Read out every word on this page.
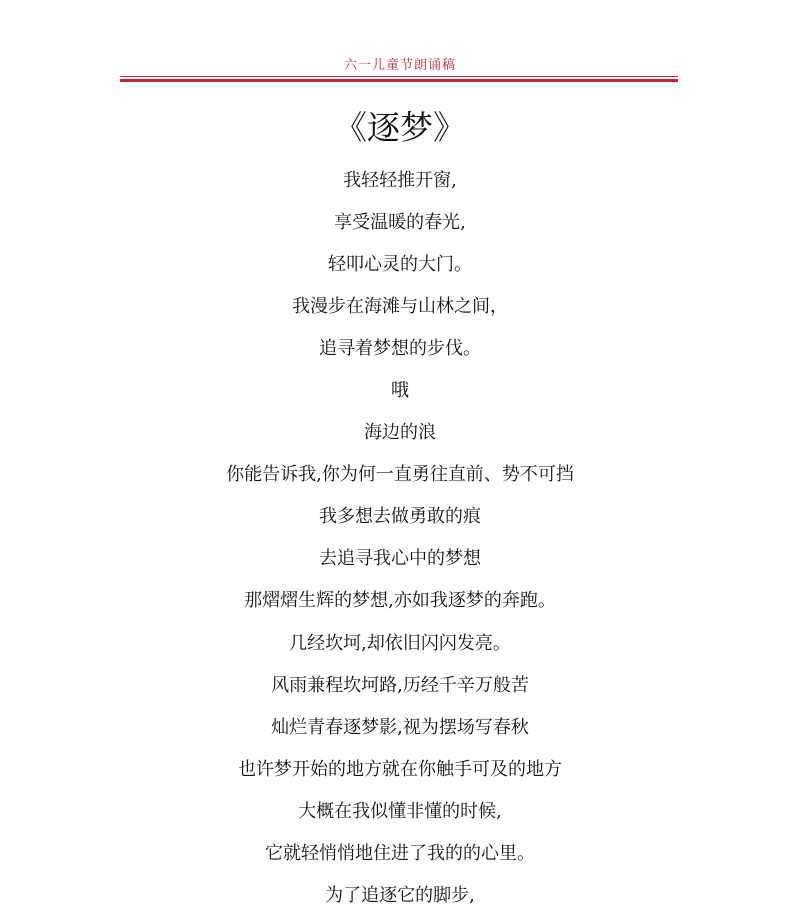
六一儿童节朗诵稿
《逐梦》
我轻轻推开窗,
享受温暖的春光,
轻叩心灵的大门。
我漫步在海滩与山林之间，
追寻着梦想的步伐。
哦
海边的浪
你能告诉我,你为何一直勇往直前、势不可挡
我多想去做勇敢的痕
去追寻我心中的梦想
那熠熠生辉的梦想,亦如我逐梦的奔跑。
几经坎坷,却依旧闪闪发亮。
风雨兼程坎坷路,历经千辛万般苦
灿烂青春逐梦影,视为摆场写春秋
也许梦开始的地方就在你触手可及的地方
大概在我似懂非懂的时候,
它就轻悄悄地住进了我的的心里。
为了追逐它的脚步,
